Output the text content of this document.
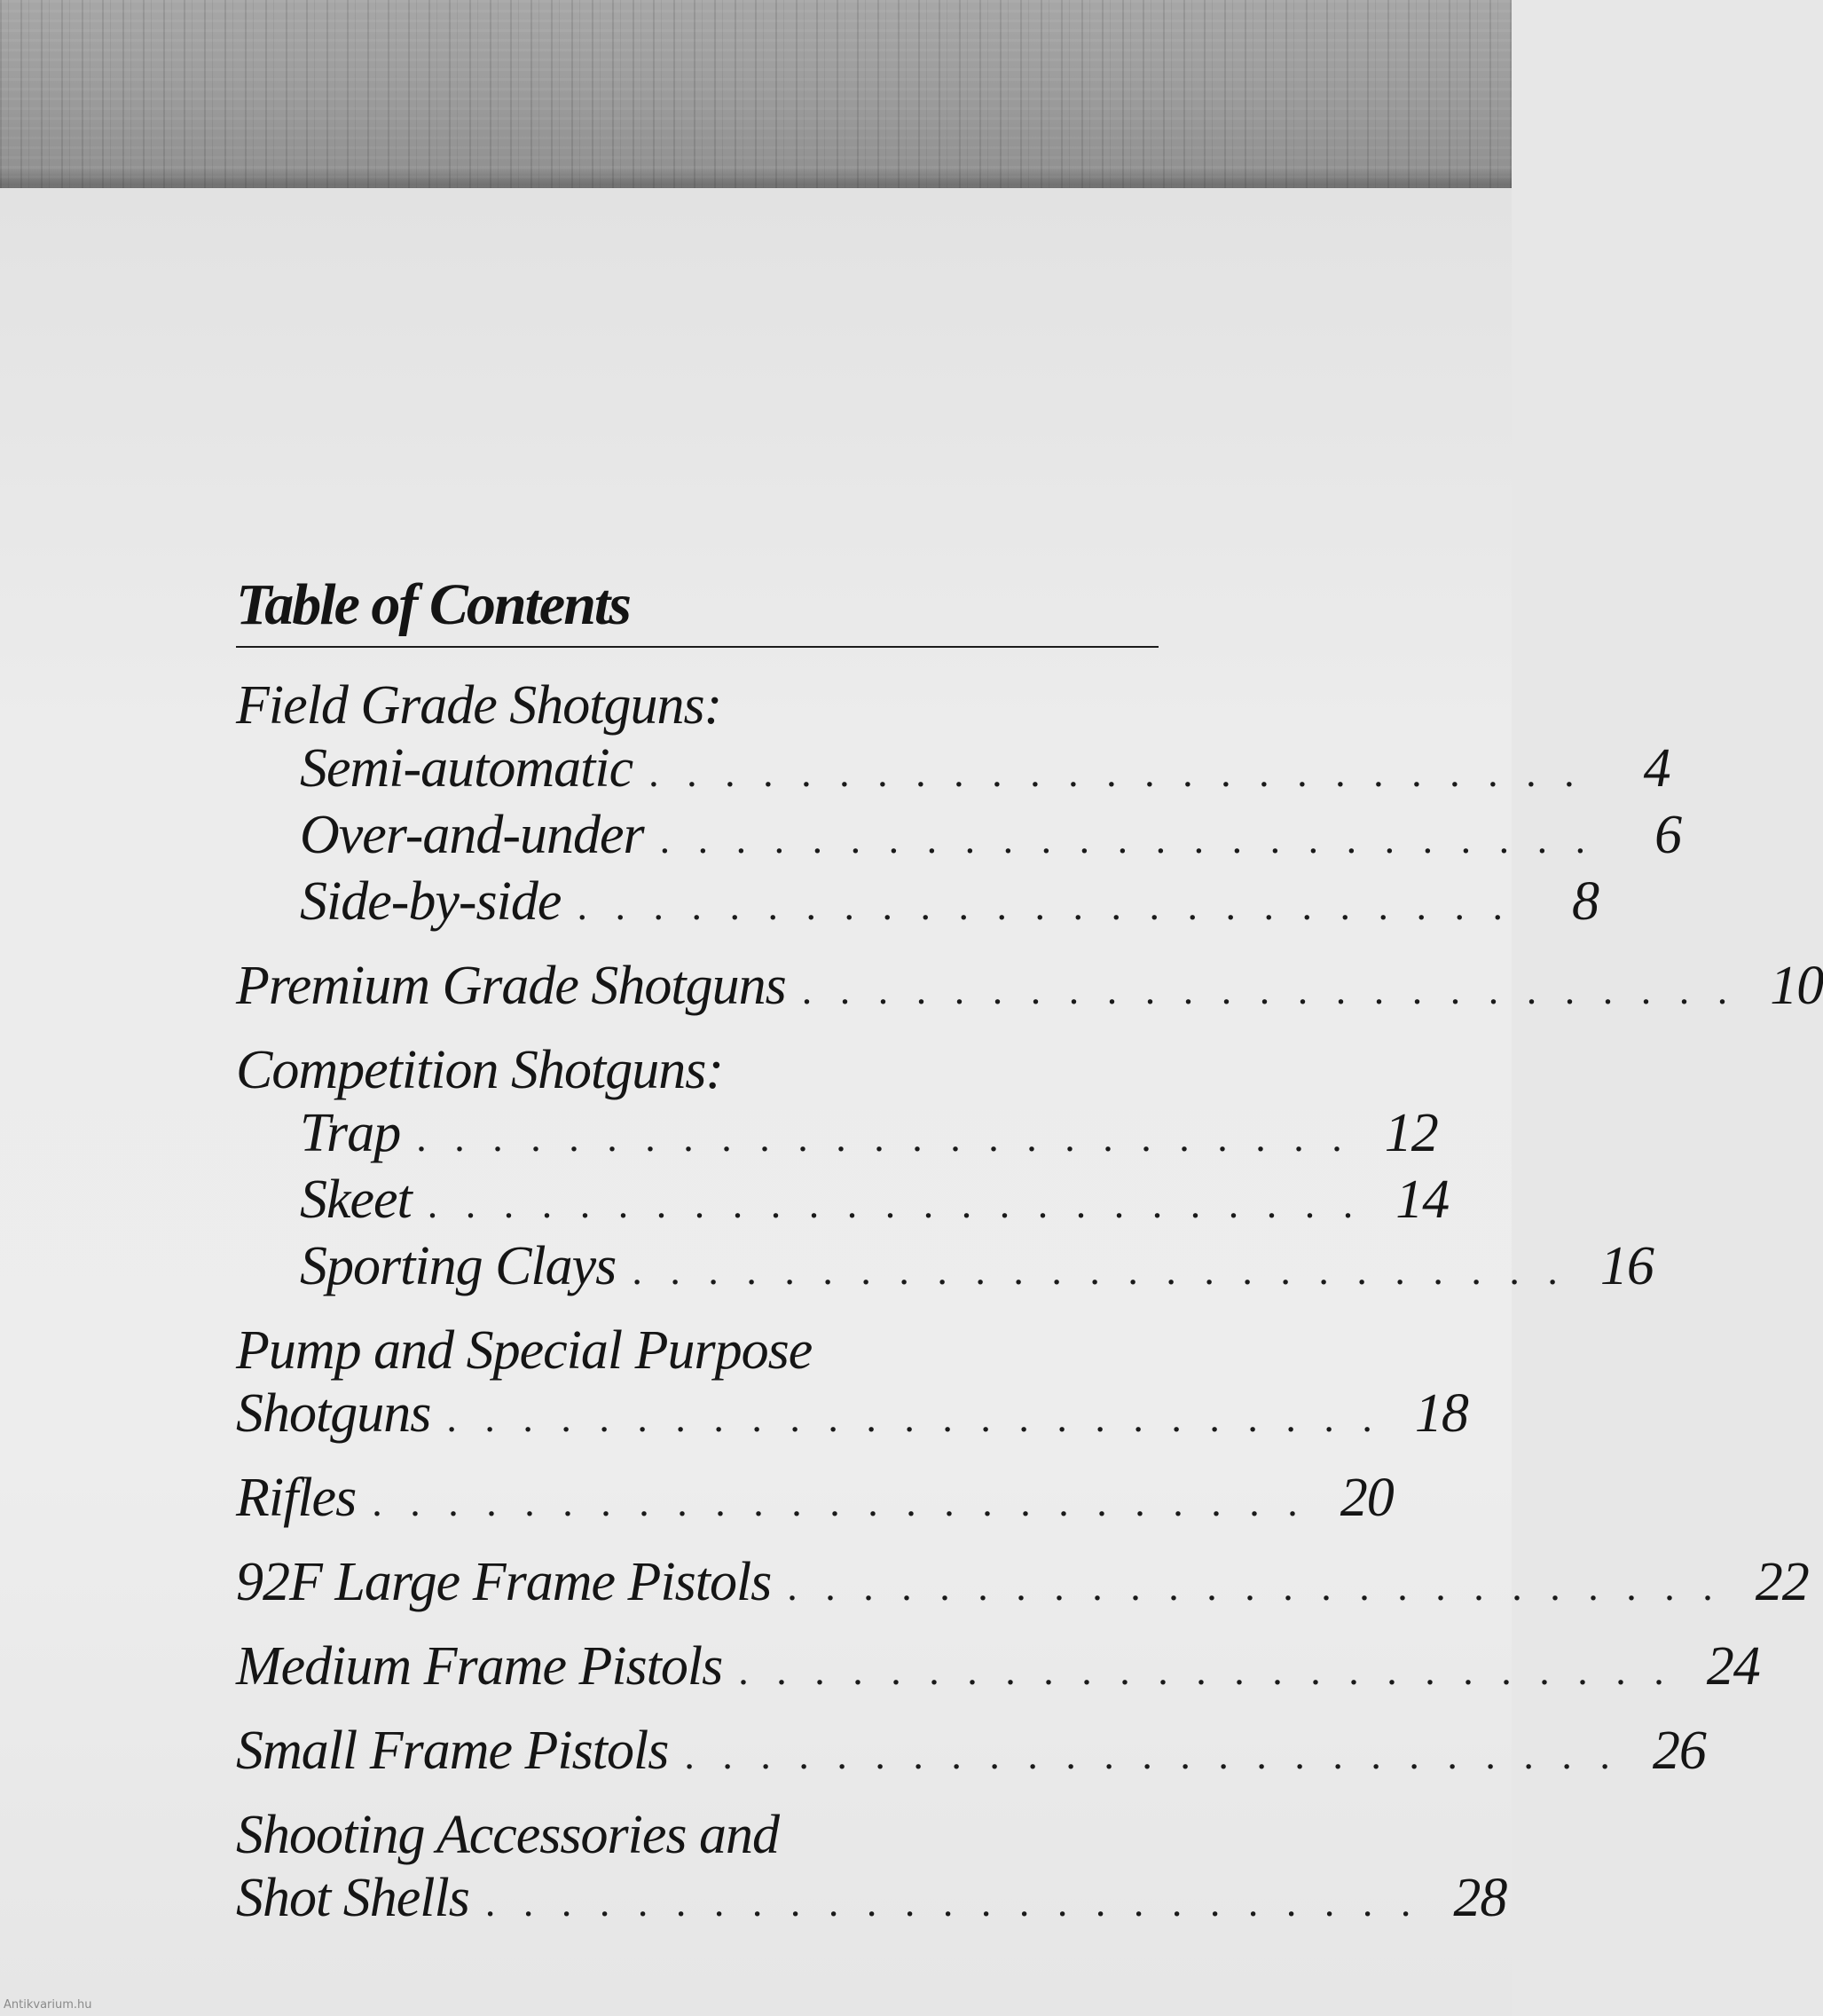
Table of Contents
Field Grade Shotguns:
Semi-automatic . . . . . . . . . . . . . . . . . . . . . . . . .	4
Over-and-under . . . . . . . . . . . . . . . . . . . . . . . . .	6
Side-by-side . . . . . . . . . . . . . . . . . . . . . . . . .	8
Premium Grade Shotguns . . . . . . . . . . . . . . . . . . . . . . . . . 10
Competition Shotguns:
Trap . . . . . . . . . . . . . . . . . . . . . . . . . 12
Skeet . . . . . . . . . . . . . . . . . . . . . . . . . 14
Sporting Clays . . . . . . . . . . . . . . . . . . . . . . . . . 16
Pump and Special Purpose
Shotguns . . . . . . . . . . . . . . . . . . . . . . . . . 18
Rifles . . . . . . . . . . . . . . . . . . . . . . . . . 20
92F Large Frame Pistols . . . . . . . . . . . . . . . . . . . . . . . . . 22
Medium Frame Pistols . . . . . . . . . . . . . . . . . . . . . . . . . 24
Small Frame Pistols . . . . . . . . . . . . . . . . . . . . . . . . . 26
Shooting Accessories and
Shot Shells . . . . . . . . . . . . . . . . . . . . . . . . . 28
Antikvarium.hu
